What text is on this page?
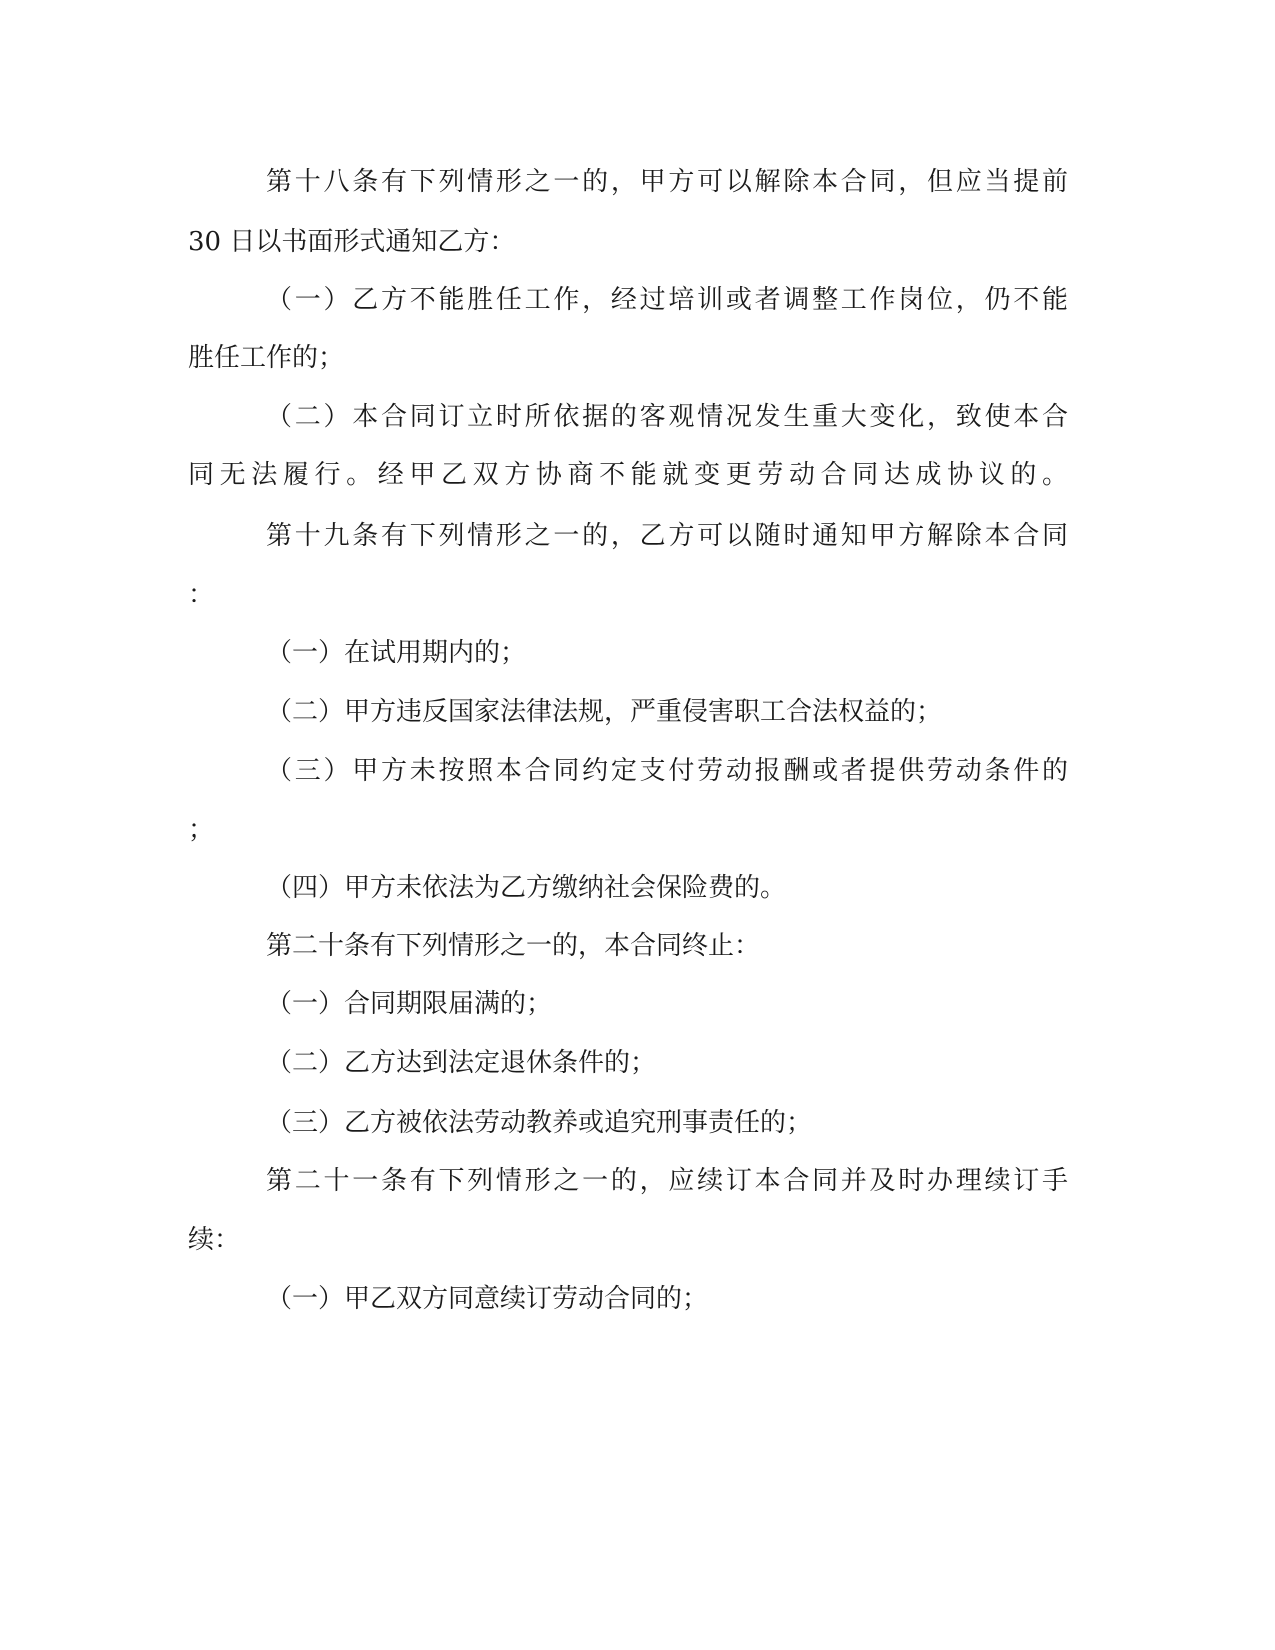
第十八条有下列情形之一的，甲方可以解除本合同，但应当提前
30 日以书面形式通知乙方：
（一）乙方不能胜任工作，经过培训或者调整工作岗位，仍不能
胜任工作的；
（二）本合同订立时所依据的客观情况发生重大变化，致使本合
同无法履行。经甲乙双方协商不能就变更劳动合同达成协议的。
第十九条有下列情形之一的，乙方可以随时通知甲方解除本合同
：
（一）在试用期内的；
（二）甲方违反国家法律法规，严重侵害职工合法权益的；
（三）甲方未按照本合同约定支付劳动报酬或者提供劳动条件的
；
（四）甲方未依法为乙方缴纳社会保险费的。
第二十条有下列情形之一的，本合同终止：
（一）合同期限届满的；
（二）乙方达到法定退休条件的；
（三）乙方被依法劳动教养或追究刑事责任的；
第二十一条有下列情形之一的，应续订本合同并及时办理续订手
续：
（一）甲乙双方同意续订劳动合同的；
